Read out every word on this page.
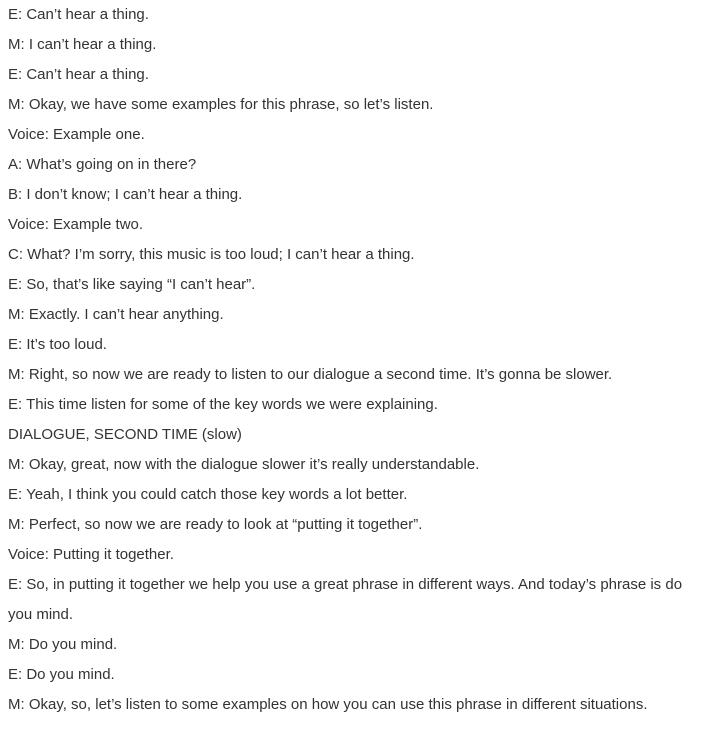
E: Can’t hear a thing.

M: I can’t hear a thing.

E: Can’t hear a thing.

M: Okay, we have some examples for this phrase, so let’s listen.

Voice: Example one.

A: What’s going on in there?

B: I don’t know; I can’t hear a thing.

Voice: Example two.

C: What? I’m sorry, this music is too loud; I can’t hear a thing.

E: So, that’s like saying “I can’t hear”.

M: Exactly. I can’t hear anything.

E: It’s too loud.

M: Right, so now we are ready to listen to our dialogue a second time. It’s gonna be slower.

E: This time listen for some of the key words we were explaining.

DIALOGUE, SECOND TIME (slow)

M: Okay, great, now with the dialogue slower it’s really understandable.

E: Yeah, I think you could catch those key words a lot better.

M: Perfect, so now we are ready to look at “putting it together”.

Voice: Putting it together.

E: So, in putting it together we help you use a great phrase in different ways. And today’s phrase is do you mind.

M: Do you mind.

E: Do you mind.

M: Okay, so, let’s listen to some examples on how you can use this phrase in different situations.
